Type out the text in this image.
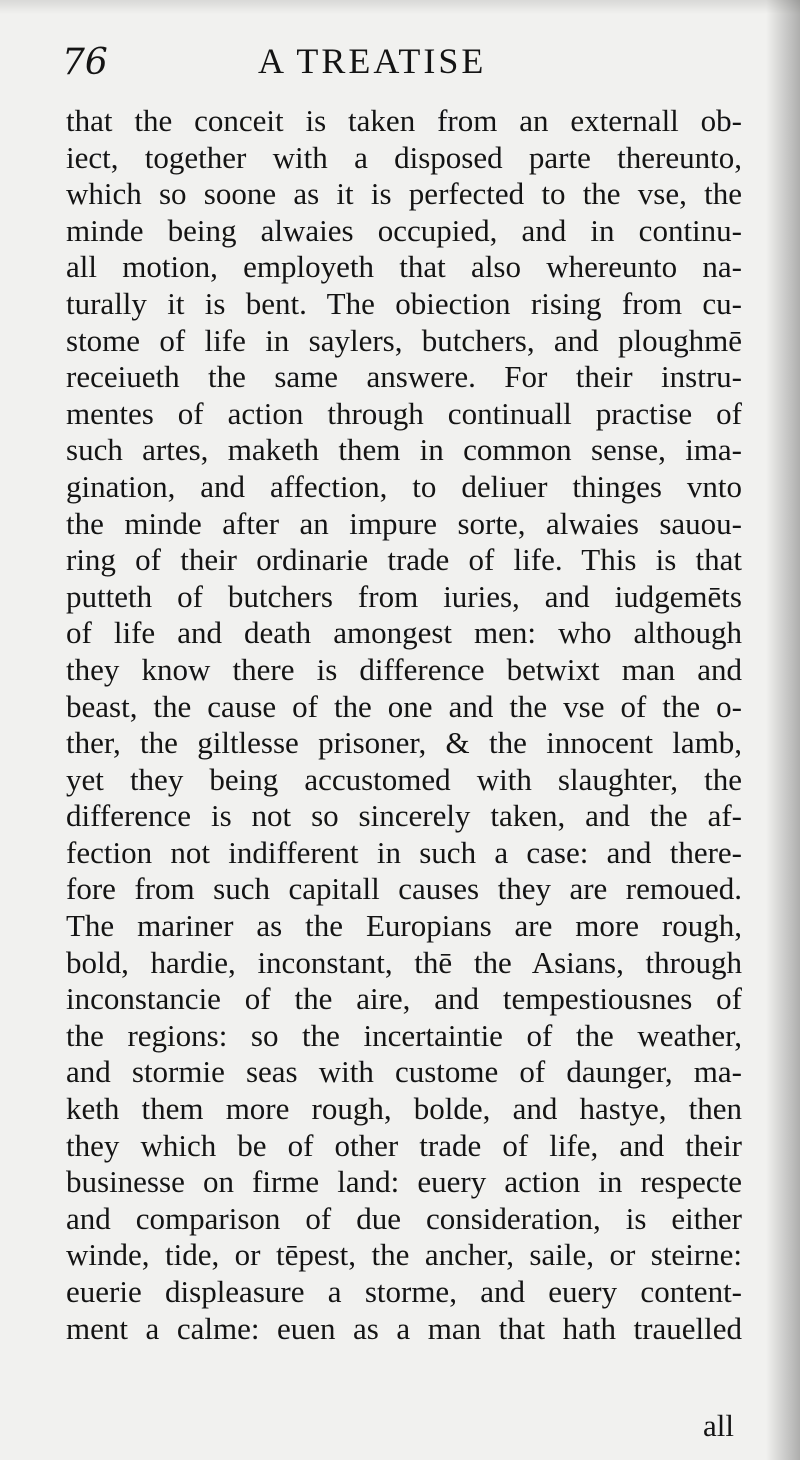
76	A TREATISE
that the conceit is taken from an externall ob-
iect, together with a disposed parte thereunto,
which so soone as it is perfected to the vse, the
minde being alwaies occupied, and in continu-
all motion, employeth that also whereunto na-
turally it is bent. The obiection rising from cu-
stome of life in saylers, butchers, and ploughmē
receiueth the same answere. For their instru-
mentes of action through continuall practise of
such artes, maketh them in common sense, ima-
gination, and affection, to deliuer thinges vnto
the minde after an impure sorte, alwaies sauou-
ring of their ordinarie trade of life. This is that
putteth of butchers from iuries, and iudgemēts
of life and death amongest men: who although
they know there is difference betwixt man and
beast, the cause of the one and the vse of the o-
ther, the giltlesse prisoner, & the innocent lamb,
yet they being accustomed with slaughter, the
difference is not so sincerely taken, and the af-
fection not indifferent in such a case: and there-
fore from such capitall causes they are remoued.
The mariner as the Europians are more rough,
bold, hardie, inconstant, thē the Asians, through
inconstancie of the aire, and tempestiousnes of
the regions: so the incertaintie of the weather,
and stormie seas with custome of daunger, ma-
keth them more rough, bolde, and hastye, then
they which be of other trade of life, and their
businesse on firme land: euery action in respecte
and comparison of due consideration, is either
winde, tide, or tēpest, the ancher, saile, or steirne:
euerie displeasure a storme, and euery content-
ment a calme: euen as a man that hath trauelled
all
